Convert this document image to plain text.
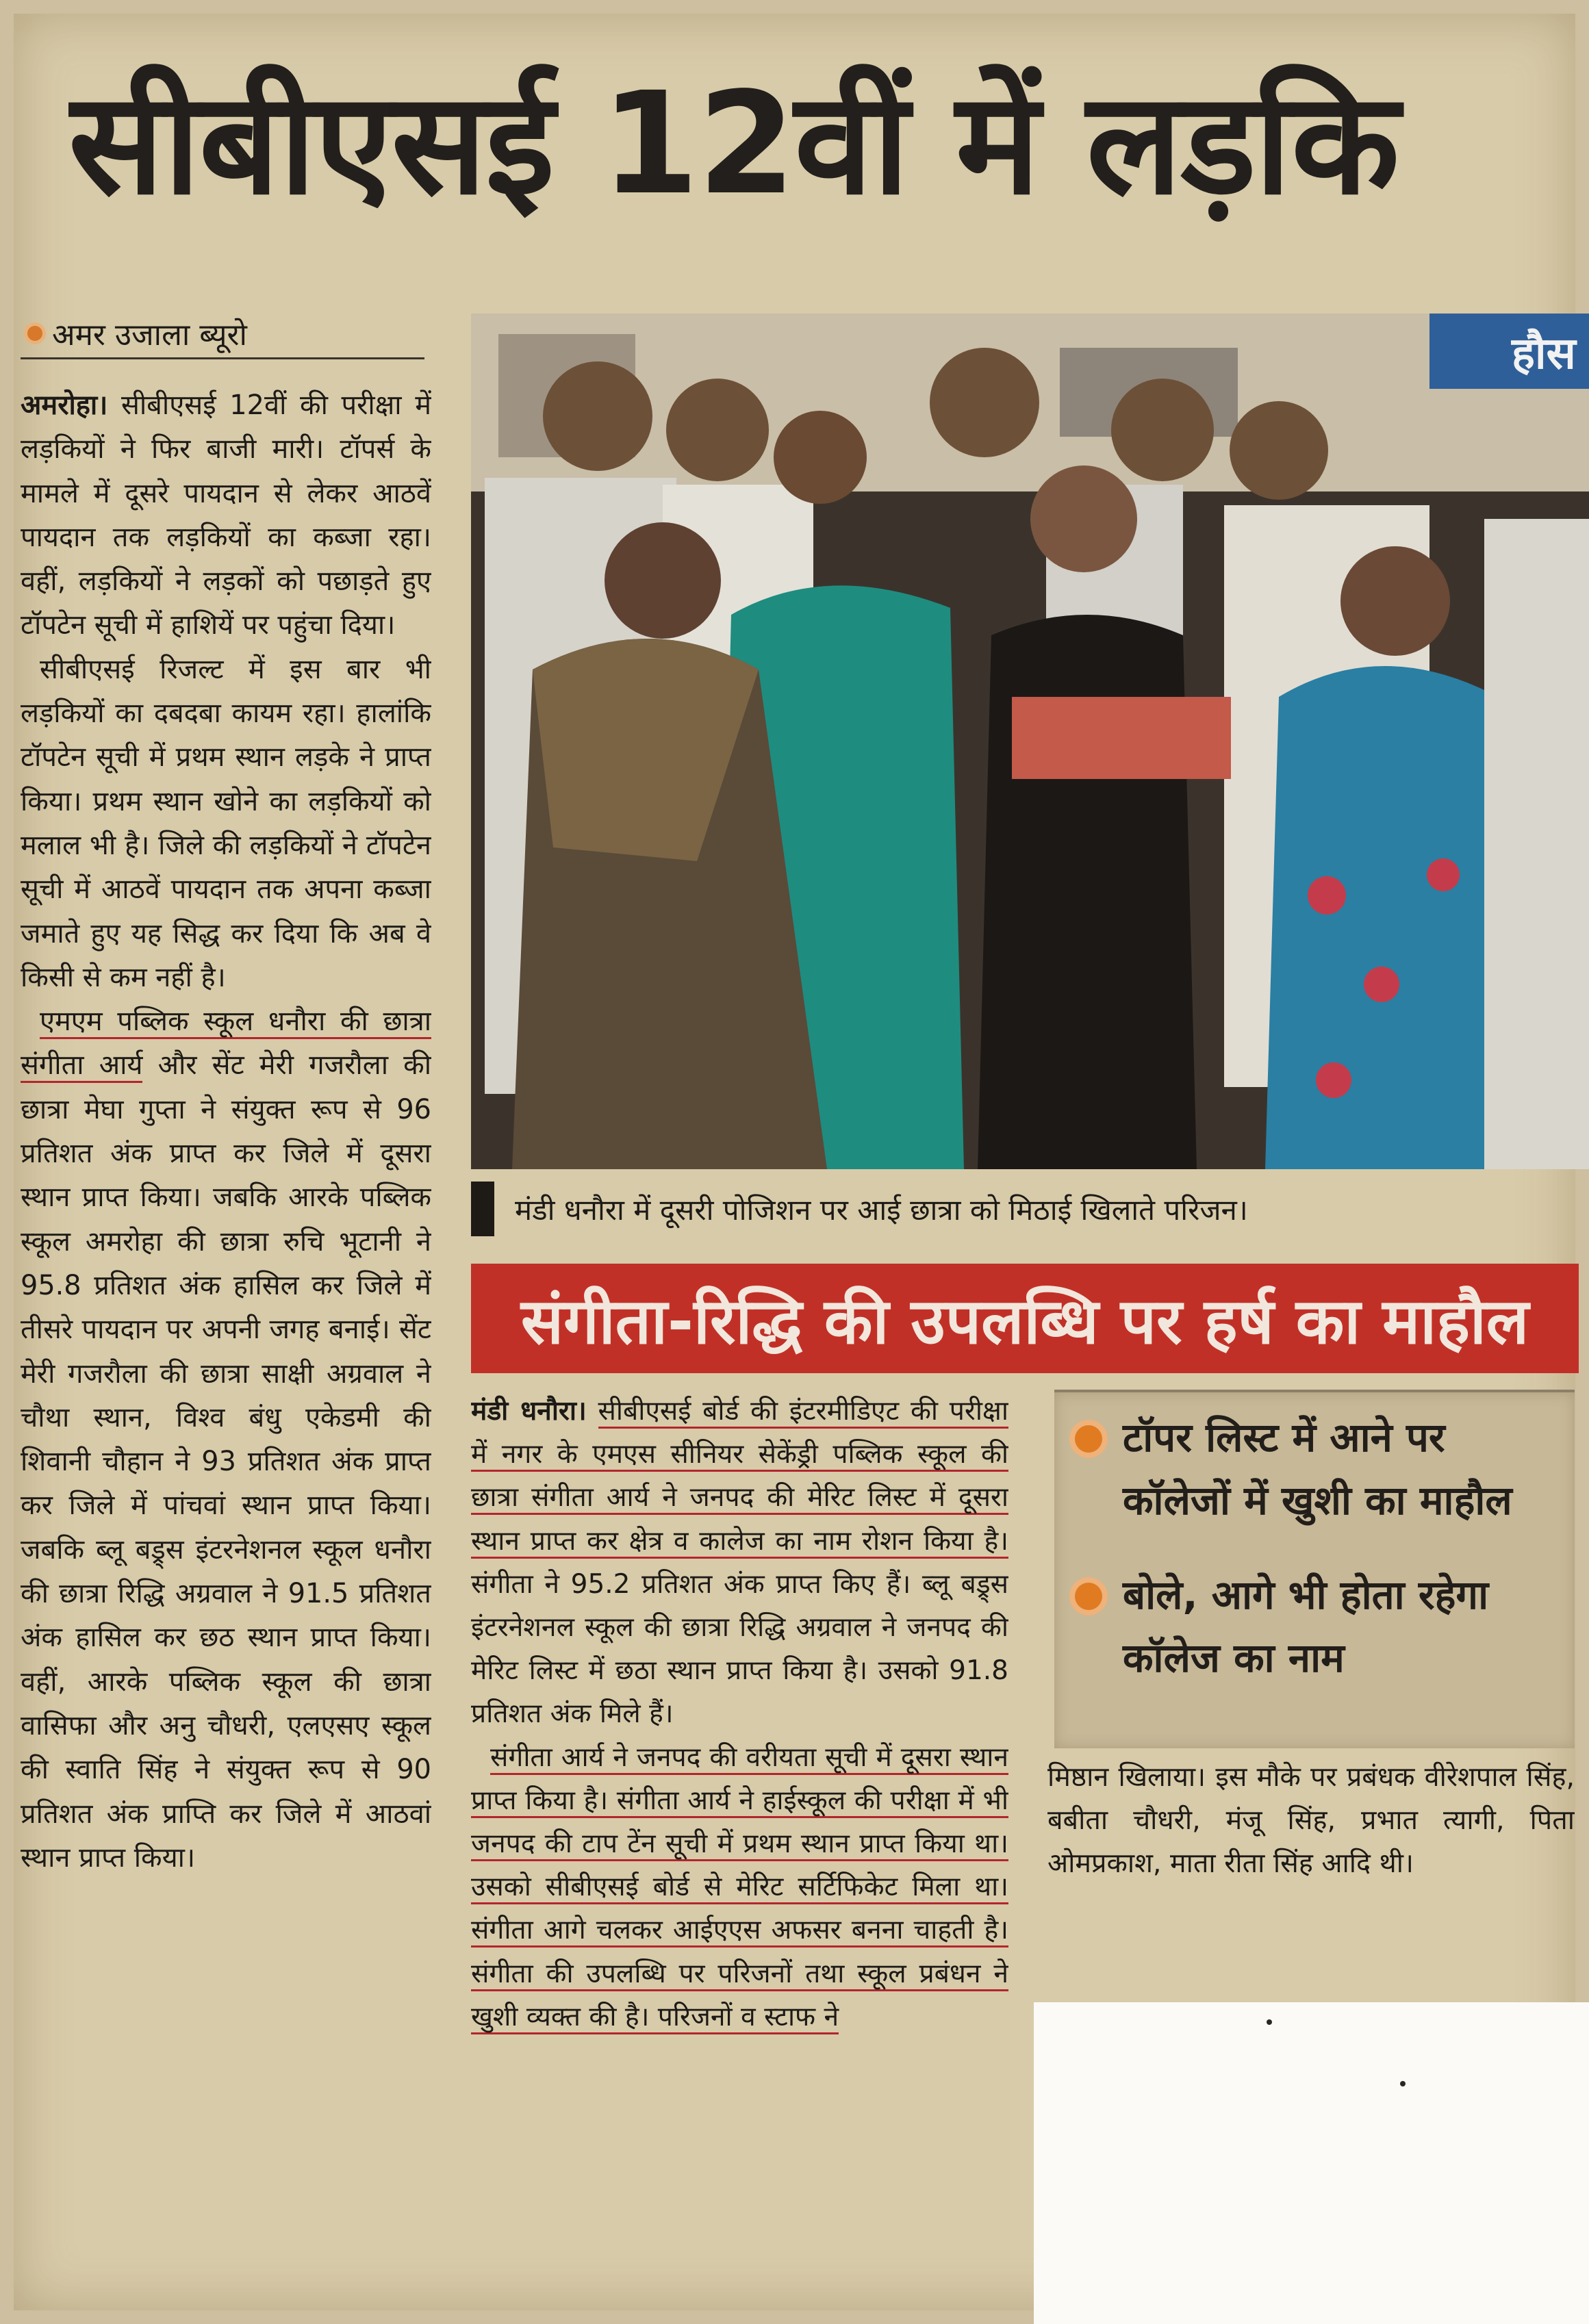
सीबीएसई 12वीं में लड़कि
अमर उजाला ब्यूरो

अमरोहा। सीबीएसई 12वीं की परीक्षा में लड़कियों ने फिर बाजी मारी। टॉपर्स के मामले में दूसरे पायदान से लेकर आठवें पायदान तक लड़कियों का कब्जा रहा। वहीं, लड़कियों ने लड़कों को पछाड़ते हुए टॉपटेन सूची में हाशियें पर पहुंचा दिया।

सीबीएसई रिजल्ट में इस बार भी लड़कियों का दबदबा कायम रहा। हालांकि टॉपटेन सूची में प्रथम स्थान लड़के ने प्राप्त किया। प्रथम स्थान खोने का लड़कियों को मलाल भी है। जिले की लड़कियों ने टॉपटेन सूची में आठवें पायदान तक अपना कब्जा जमाते हुए यह सिद्ध कर दिया कि अब वे किसी से कम नहीं है।

एमएम पब्लिक स्कूल धनौरा की छात्रा संगीता आर्य और सेंट मेरी गजरौला की छात्रा मेघा गुप्ता ने संयुक्त रूप से 96 प्रतिशत अंक प्राप्त कर जिले में दूसरा स्थान प्राप्त किया। जबकि आरके पब्लिक स्कूल अमरोहा की छात्रा रुचि भूटानी ने 95.8 प्रतिशत अंक हासिल कर जिले में तीसरे पायदान पर अपनी जगह बनाई। सेंट मेरी गजरौला की छात्रा साक्षी अग्रवाल ने चौथा स्थान, विश्व बंधु एकेडमी की शिवानी चौहान ने 93 प्रतिशत अंक प्राप्त कर जिले में पांचवां स्थान प्राप्त किया। जबकि ब्लू बड्र्स इंटरनेशनल स्कूल धनौरा की छात्रा रिद्धि अग्रवाल ने 91.5 प्रतिशत अंक हासिल कर छठ स्थान प्राप्त किया। वहीं, आरके पब्लिक स्कूल की छात्रा वासिफा और अनु चौधरी, एलएसए स्कूल की स्वाति सिंह ने संयुक्त रूप से 90 प्रतिशत अंक प्राप्ति कर जिले में आठवां स्थान प्राप्त किया।

हौस
मंडी धनौरा में दूसरी पोजिशन पर आई छात्रा को मिठाई खिलाते परिजन।
संगीता-रिद्धि की उपलब्धि पर हर्ष का माहौल

मंडी धनौरा। सीबीएसई बोर्ड की इंटरमीडिएट की परीक्षा में नगर के एमएस सीनियर सेकेंड्री पब्लिक स्कूल की छात्रा संगीता आर्य ने जनपद की मेरिट लिस्ट में दूसरा स्थान प्राप्त कर क्षेत्र व कालेज का नाम रोशन किया है। संगीता ने 95.2 प्रतिशत अंक प्राप्त किए हैं। ब्लू बड्र्स इंटरनेशनल स्कूल की छात्रा रिद्धि अग्रवाल ने जनपद की मेरिट लिस्ट में छठा स्थान प्राप्त किया है। उसको 91.8 प्रतिशत अंक मिले हैं।

संगीता आर्य ने जनपद की वरीयता सूची में दूसरा स्थान प्राप्त किया है। संगीता आर्य ने हाईस्कूल की परीक्षा में भी जनपद की टाप टेंन सूची में प्रथम स्थान प्राप्त किया था। उसको सीबीएसई बोर्ड से मेरिट सर्टिफिकेट मिला था। संगीता आगे चलकर आईएएस अफसर बनना चाहती है। संगीता की उपलब्धि पर परिजनों तथा स्कूल प्रबंधन ने खुशी व्यक्त की है। परिजनों व स्टाफ ने

टॉपर लिस्ट में आने पर
कॉलेजों में खुशी का माहौल
बोले, आगे भी होता रहेगा
कॉलेज का नाम

मिष्ठान खिलाया। इस मौके पर प्रबंधक वीरेशपाल सिंह, बबीता चौधरी, मंजू सिंह, प्रभात त्यागी, पिता ओमप्रकाश, माता रीता सिंह आदि थी।
